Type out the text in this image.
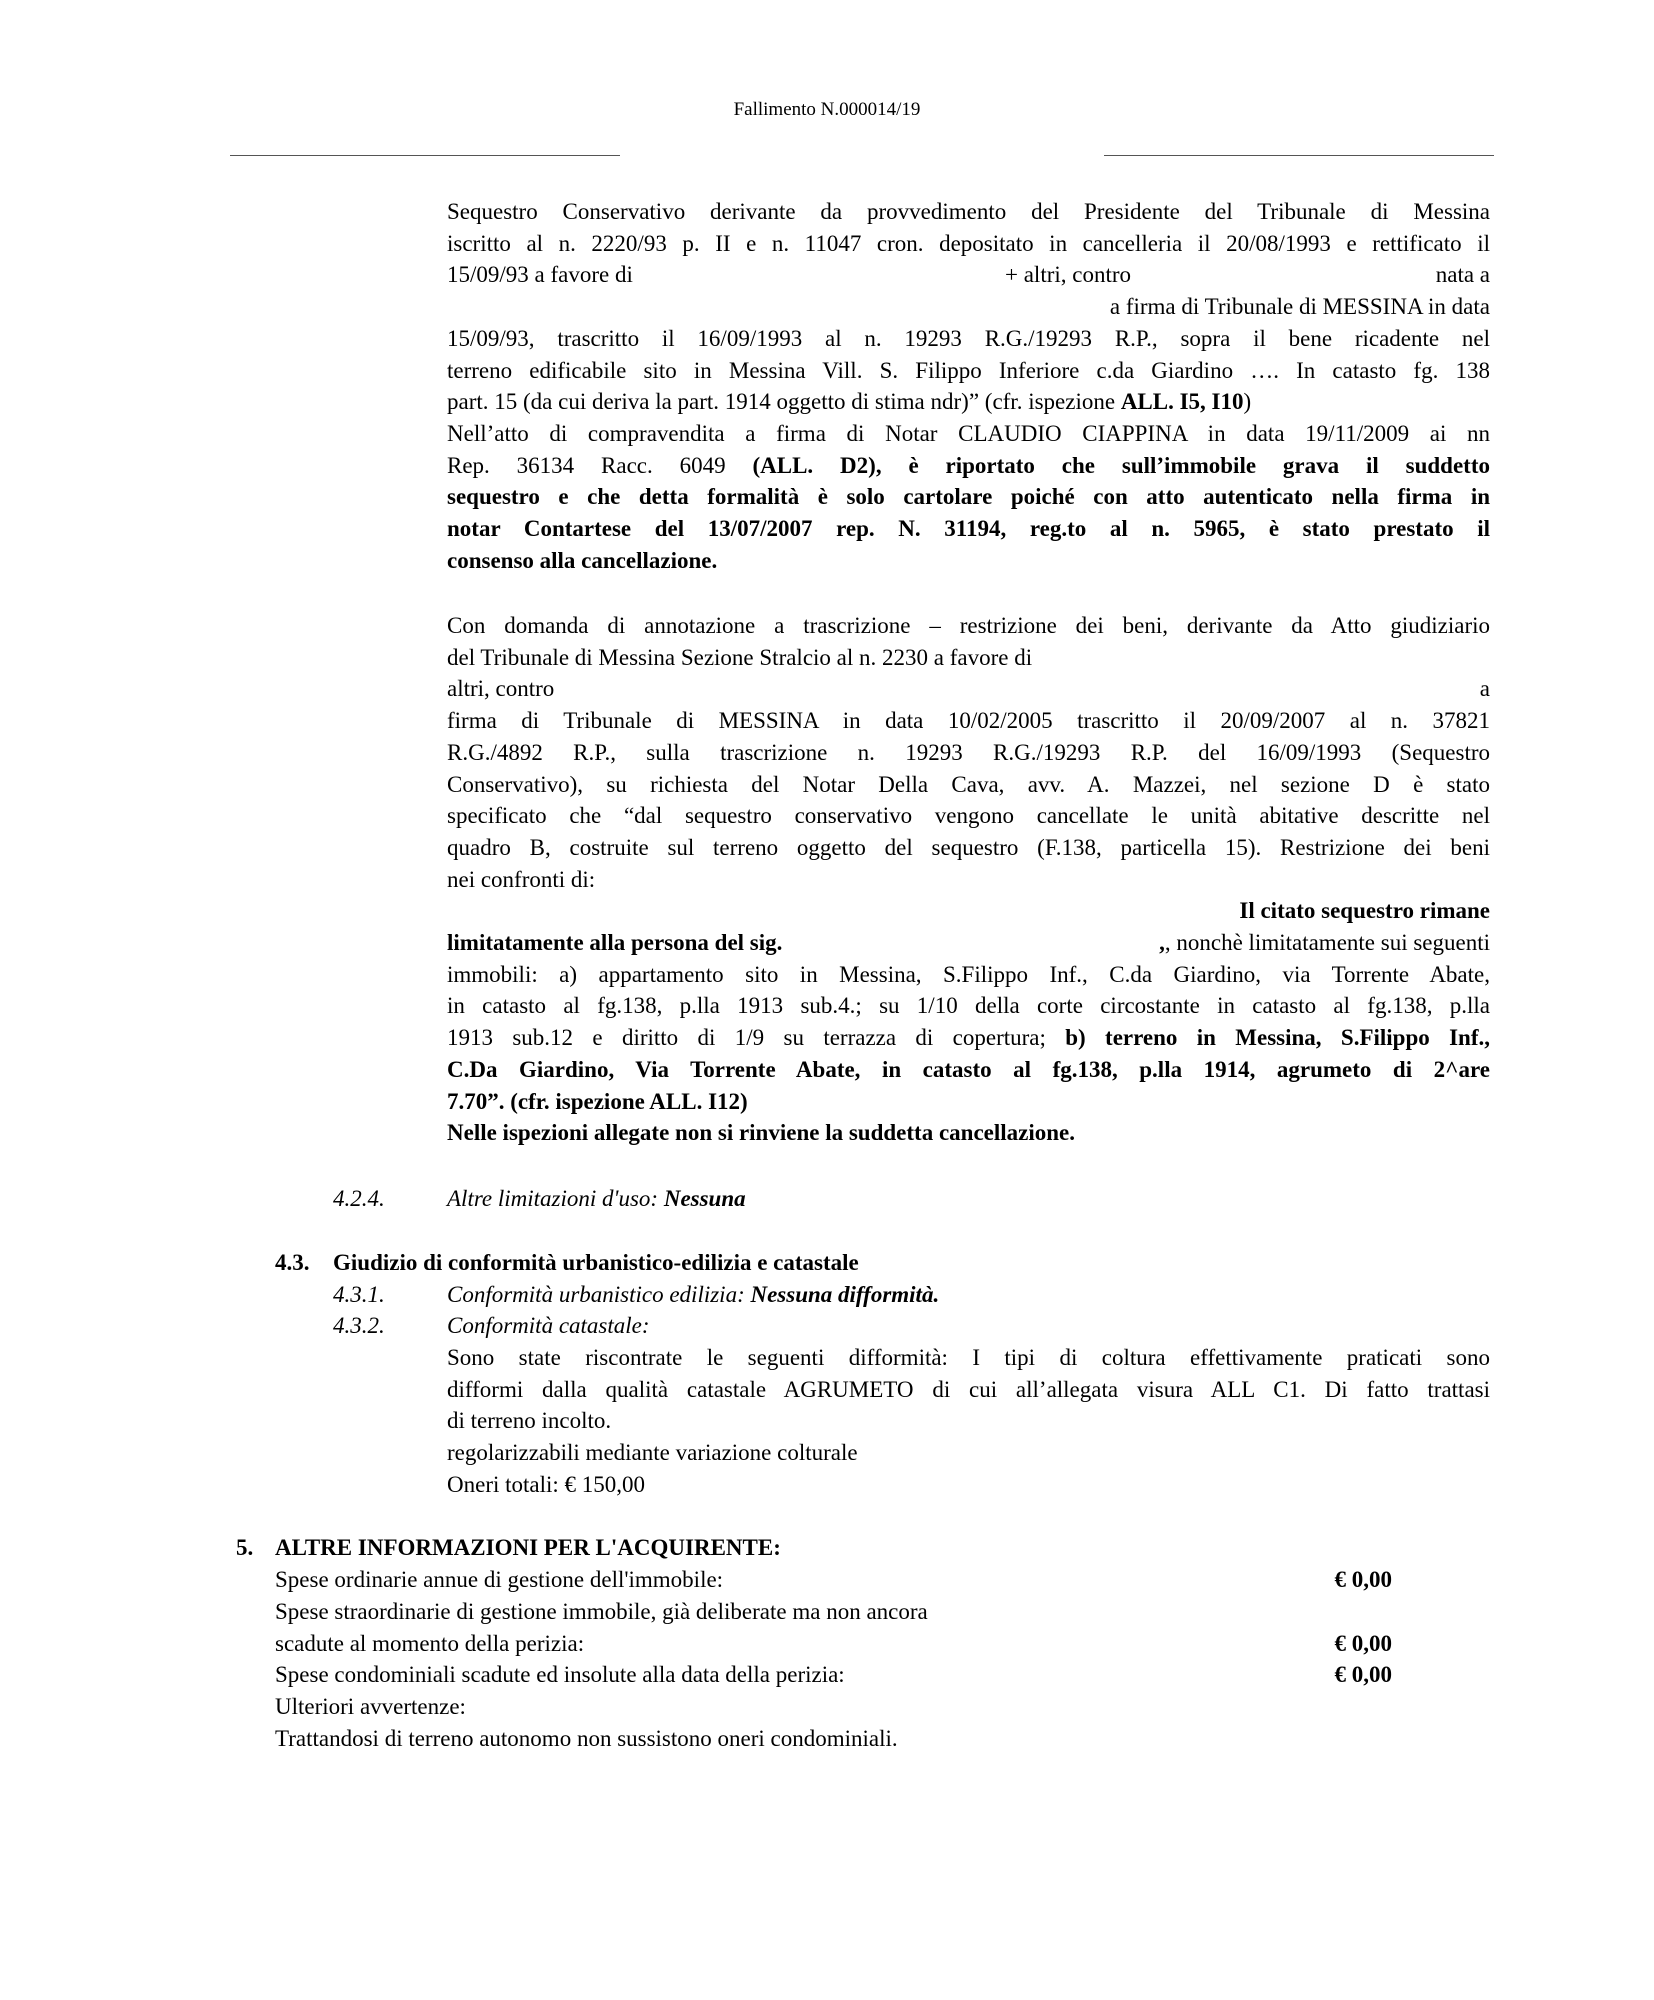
Fallimento N.000014/19
Sequestro Conservativo derivante da provvedimento del Presidente del Tribunale di Messina
iscritto al n. 2220/93 p. II e n. 11047 cron. depositato in cancelleria il 20/08/1993 e rettificato il
15/09/93 a favore di	+ altri, contro	nata a
a firma di Tribunale di MESSINA in data
15/09/93, trascritto il 16/09/1993 al n. 19293 R.G./19293 R.P., sopra il bene ricadente nel
terreno edificabile sito in Messina Vill. S. Filippo Inferiore c.da Giardino …. In catasto fg. 138
part. 15 (da cui deriva la part. 1914 oggetto di stima ndr)” (cfr. ispezione ALL. I5, I10)
Nell’atto di compravendita a firma di Notar CLAUDIO CIAPPINA in data 19/11/2009 ai nn
Rep. 36134 Racc. 6049 (ALL. D2), è riportato che sull’immobile grava il suddetto
sequestro e che detta formalità è solo cartolare poiché con atto autenticato nella firma in
notar Contartese del 13/07/2007 rep. N. 31194, reg.to al n. 5965, è stato prestato il
consenso alla cancellazione.
Con domanda di annotazione a trascrizione – restrizione dei beni, derivante da Atto giudiziario
del Tribunale di Messina Sezione Stralcio al n. 2230 a favore di
altri, contro	a
firma di Tribunale di MESSINA in data 10/02/2005 trascritto il 20/09/2007 al n. 37821
R.G./4892 R.P., sulla trascrizione n. 19293 R.G./19293 R.P. del 16/09/1993 (Sequestro
Conservativo), su richiesta del Notar Della Cava, avv. A. Mazzei, nel sezione D è stato
specificato che “dal sequestro conservativo vengono cancellate le unità abitative descritte nel
quadro B, costruite sul terreno oggetto del sequestro (F.138, particella 15). Restrizione dei beni
nei confronti di:
Il citato sequestro rimane
limitatamente alla persona del sig.	,, nonchè limitatamente sui seguenti
immobili: a) appartamento sito in Messina, S.Filippo Inf., C.da Giardino, via Torrente Abate,
in catasto al fg.138, p.lla 1913 sub.4.; su 1/10 della corte circostante in catasto al fg.138, p.lla
1913 sub.12 e diritto di 1/9 su terrazza di copertura; b) terreno in Messina, S.Filippo Inf.,
C.Da Giardino, Via Torrente Abate, in catasto al fg.138, p.lla 1914, agrumeto di 2^are
7.70”. (cfr. ispezione ALL. I12)
Nelle ispezioni allegate non si rinviene la suddetta cancellazione.
4.2.4.	Altre limitazioni d'uso: Nessuna
4.3. Giudizio di conformità urbanistico-edilizia e catastale
4.3.1.	Conformità urbanistico edilizia: Nessuna difformità.
4.3.2.	Conformità catastale:
Sono state riscontrate le seguenti difformità: I tipi di coltura effettivamente praticati sono
difformi dalla qualità catastale AGRUMETO di cui all’allegata visura ALL C1. Di fatto trattasi
di terreno incolto.
regolarizzabili mediante variazione colturale
Oneri totali: € 150,00
5. ALTRE INFORMAZIONI PER L'ACQUIRENTE:
Spese ordinarie annue di gestione dell'immobile:	€ 0,00
Spese straordinarie di gestione immobile, già deliberate ma non ancora
scadute al momento della perizia:	€ 0,00
Spese condominiali scadute ed insolute alla data della perizia:	€ 0,00
Ulteriori avvertenze:
Trattandosi di terreno autonomo non sussistono oneri condominiali.
